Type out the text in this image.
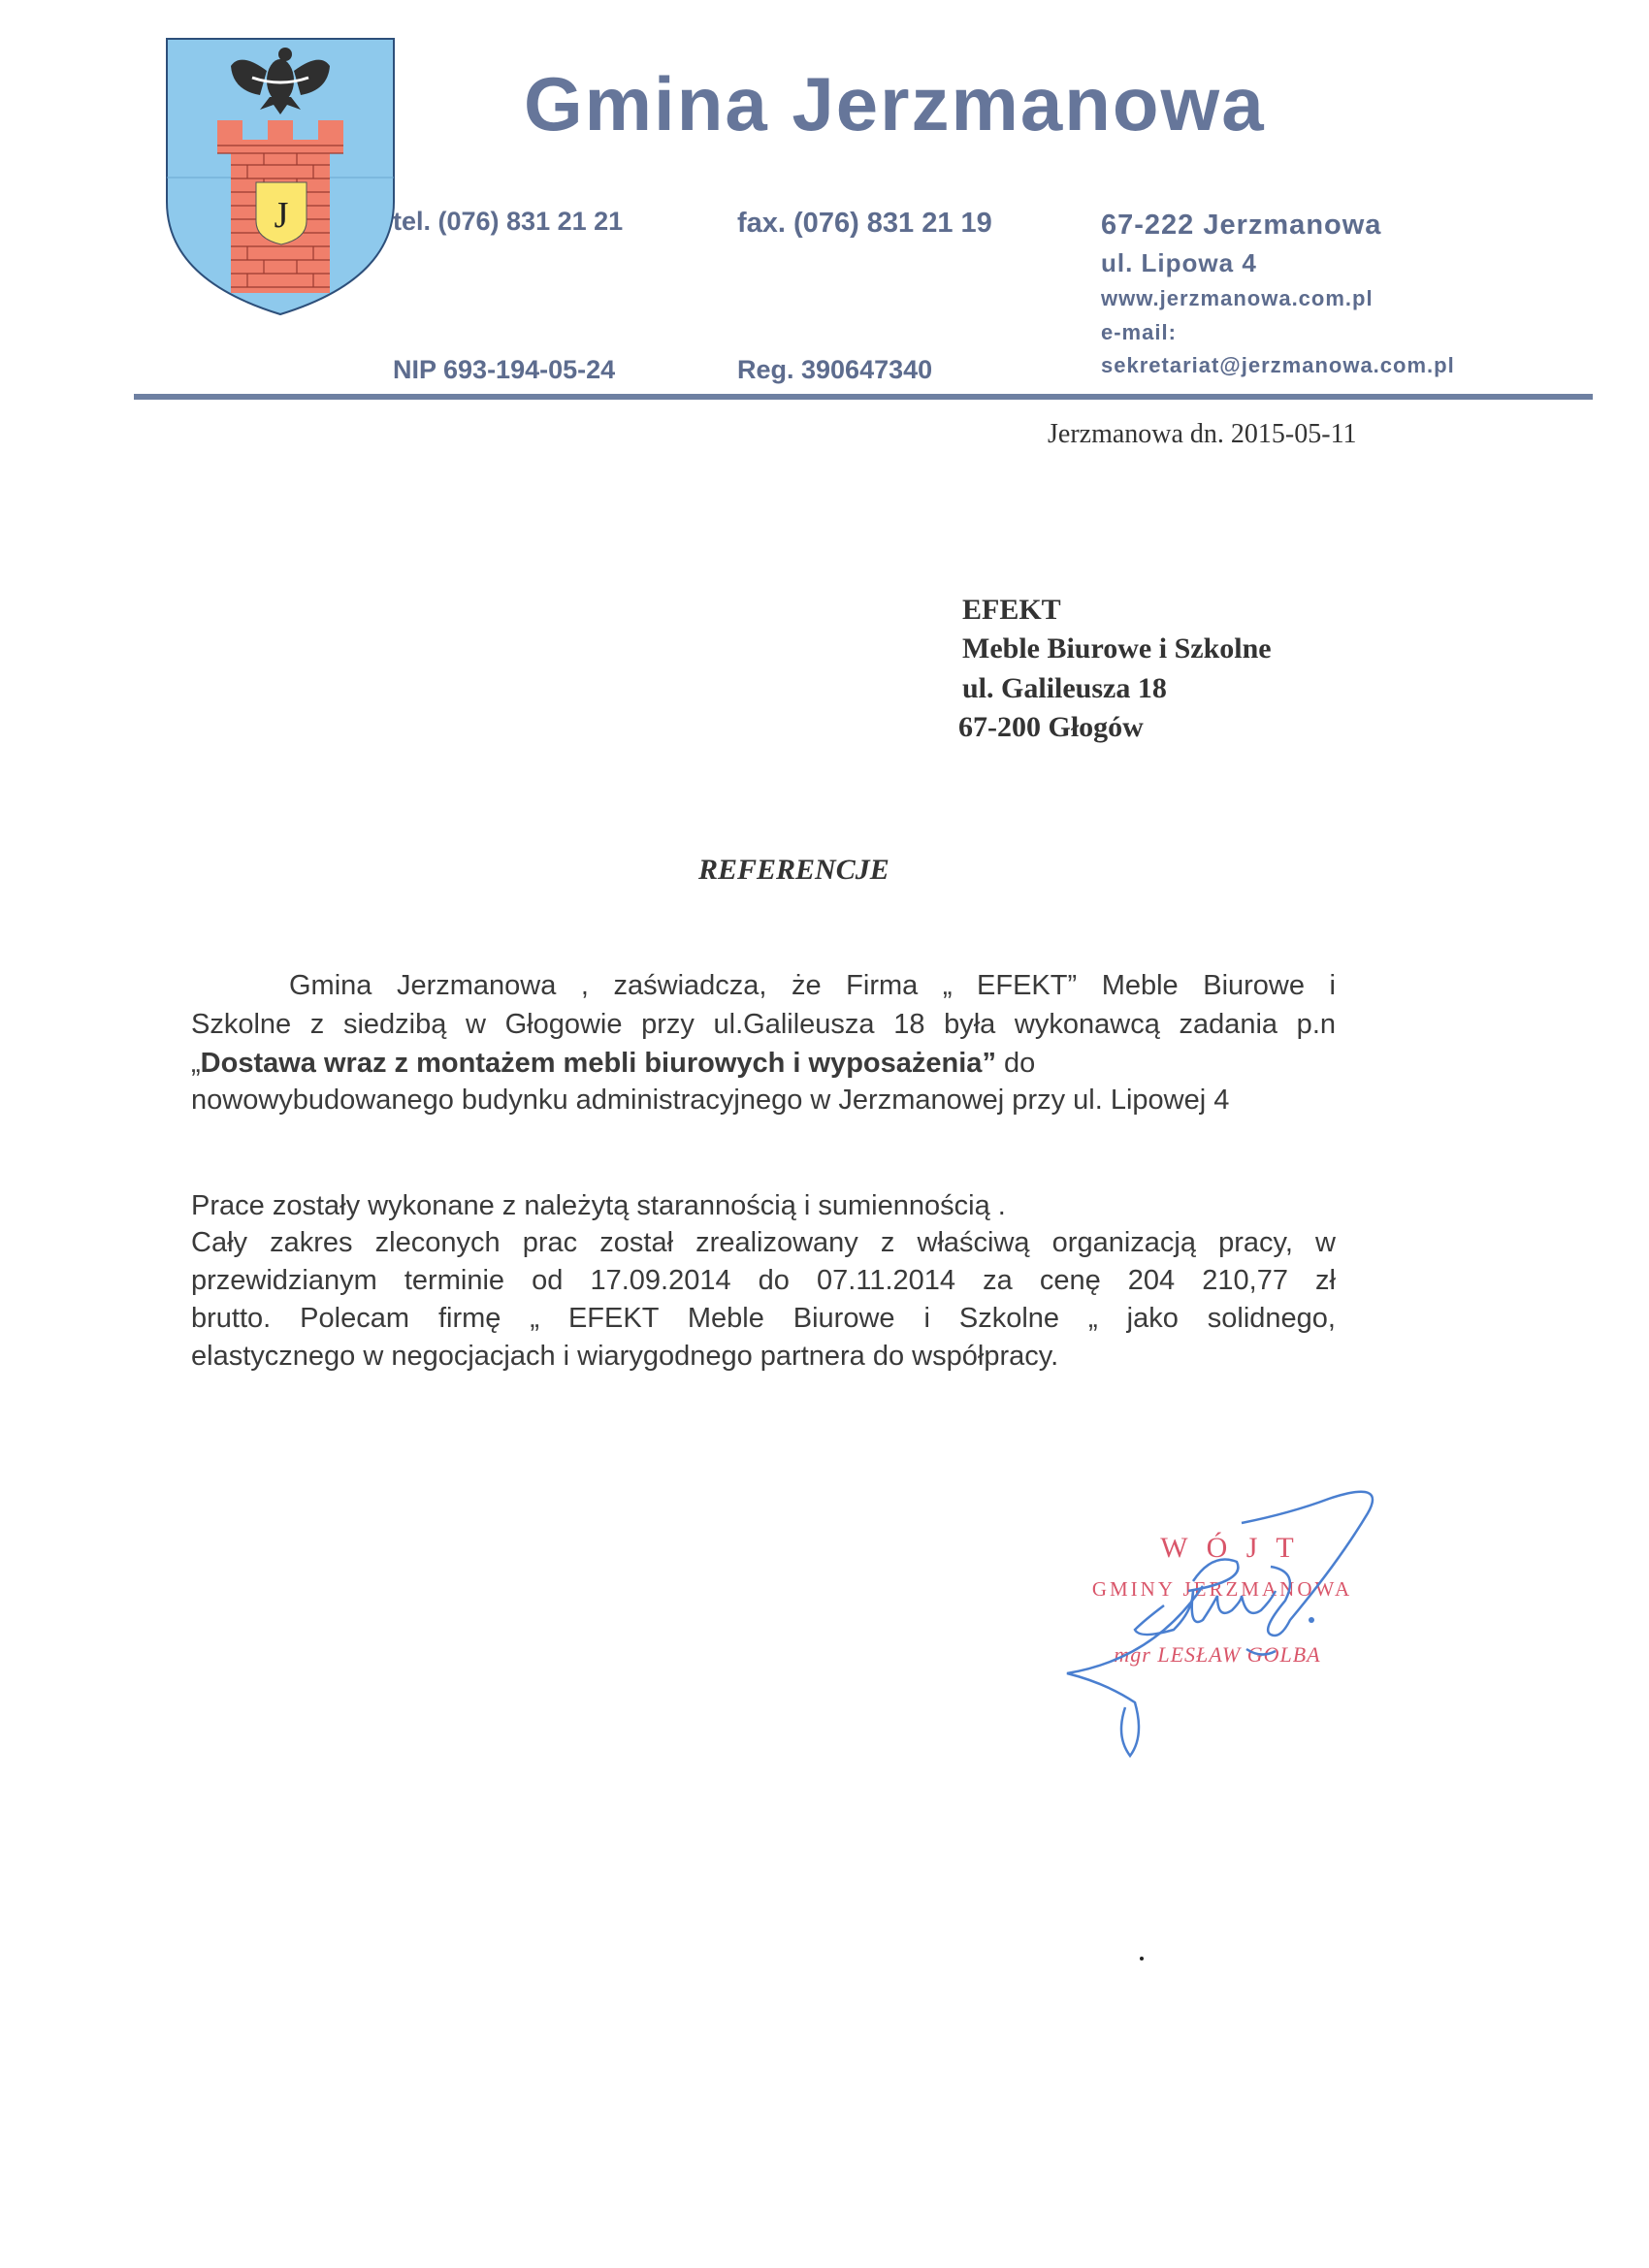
J
Gmina Jerzmanowa
tel. (076) 831 21 21	fax. (076) 831 21 19
NIP 693-194-05-24	Reg. 390647340
67-222 Jerzmanowa
ul. Lipowa 4
www.jerzmanowa.com.pl
e-mail:
sekretariat@jerzmanowa.com.pl
Jerzmanowa dn. 2015-05-11
EFEKT
Meble Biurowe i Szkolne
ul. Galileusza 18
67-200 Głogów
REFERENCJE
Gmina Jerzmanowa , zaświadcza, że Firma „ EFEKT” Meble Biurowe i
Szkolne z siedzibą w Głogowie przy ul.Galileusza 18 była wykonawcą zadania p.n
„Dostawa wraz z montażem mebli biurowych i wyposażenia” do
nowowybudowanego budynku administracyjnego w Jerzmanowej przy ul. Lipowej 4
Prace zostały wykonane z należytą starannością i sumiennością .
Cały zakres zleconych prac został zrealizowany z właściwą organizacją pracy, w
przewidzianym terminie od 17.09.2014 do 07.11.2014 za cenę 204 210,77 zł
brutto. Polecam firmę „ EFEKT Meble Biurowe i Szkolne „ jako solidnego,
elastycznego w negocjacjach i wiarygodnego partnera do współpracy.
W Ó J T
GMINY JERZMANOWA
mgr LESŁAW GOLBA
